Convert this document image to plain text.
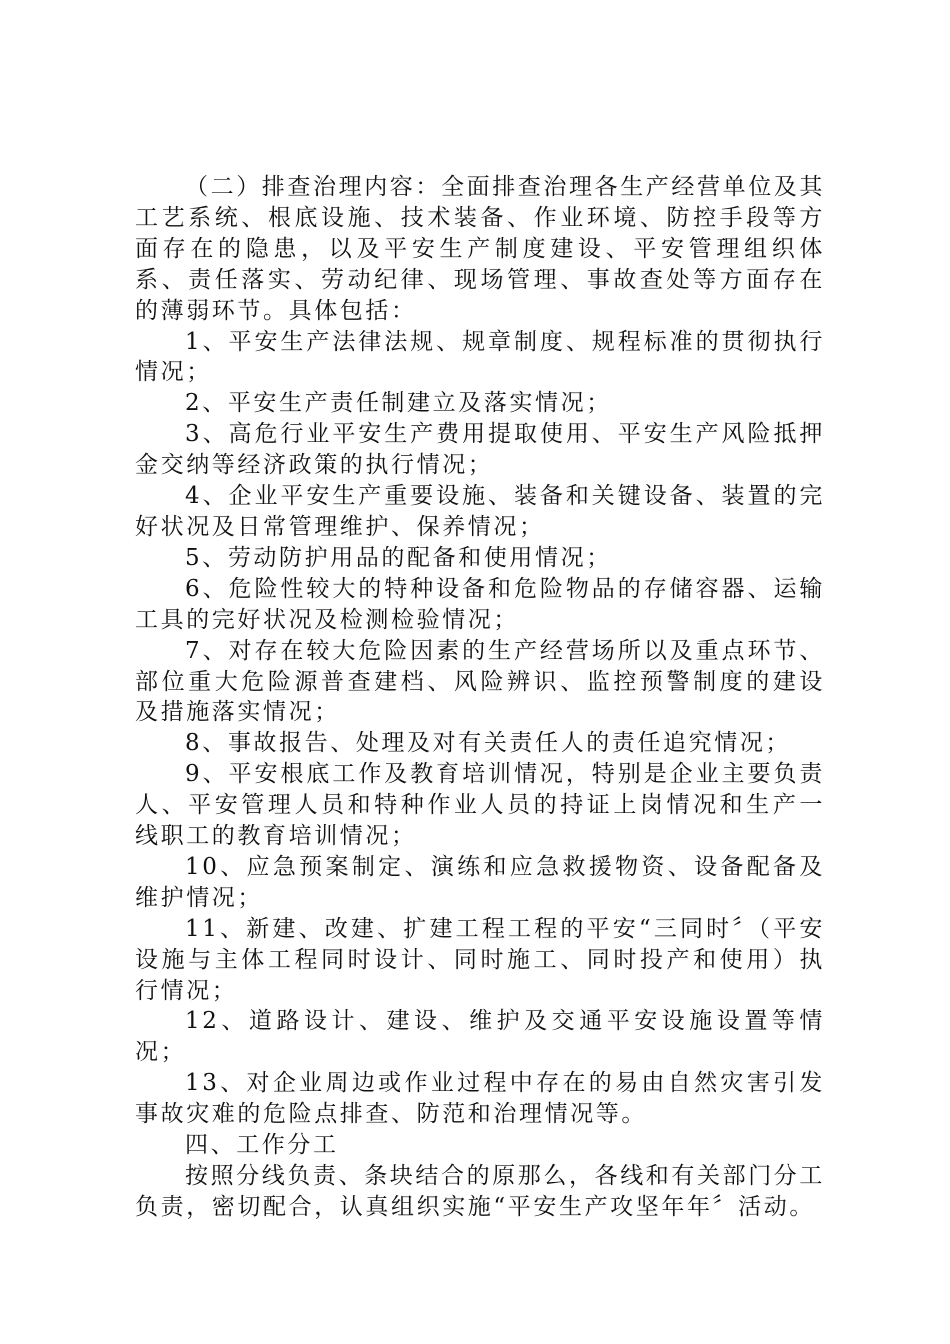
（二）排查治理内容：全面排查治理各生产经营单位及其工艺系统、根底设施、技术装备、作业环境、防控手段等方面存在的隐患，以及平安生产制度建设、平安管理组织体系、责任落实、劳动纪律、现场管理、事故查处等方面存在的薄弱环节。具体包括：

1、平安生产法律法规、规章制度、规程标准的贯彻执行情况；

2、平安生产责任制建立及落实情况；

3、高危行业平安生产费用提取使用、平安生产风险抵押金交纳等经济政策的执行情况；

4、企业平安生产重要设施、装备和关键设备、装置的完好状况及日常管理维护、保养情况；

5、劳动防护用品的配备和使用情况；

6、危险性较大的特种设备和危险物品的存储容器、运输工具的完好状况及检测检验情况；

7、对存在较大危险因素的生产经营场所以及重点环节、部位重大危险源普查建档、风险辨识、监控预警制度的建设及措施落实情况；

8、事故报告、处理及对有关责任人的责任追究情况；

9、平安根底工作及教育培训情况，特别是企业主要负责人、平安管理人员和特种作业人员的持证上岗情况和生产一线职工的教育培训情况；

10、应急预案制定、演练和应急救援物资、设备配备及维护情况；

11、新建、改建、扩建工程工程的平安“三同时〞（平安设施与主体工程同时设计、同时施工、同时投产和使用）执行情况；

12、道路设计、建设、维护及交通平安设施设置等情况；

13、对企业周边或作业过程中存在的易由自然灾害引发事故灾难的危险点排查、防范和治理情况等。

四、工作分工

按照分线负责、条块结合的原那么，各线和有关部门分工负责，密切配合，认真组织实施“平安生产攻坚年年〞活动。
